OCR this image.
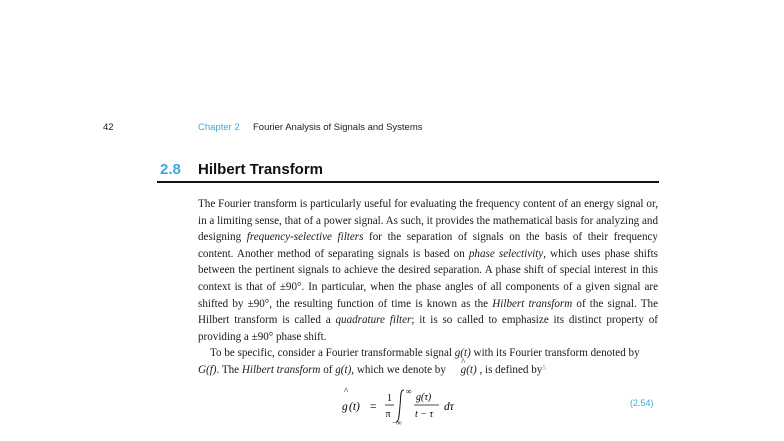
42	Chapter 2 Fourier Analysis of Signals and Systems
2.8 Hilbert Transform

The Fourier transform is particularly useful for evaluating the frequency content of an energy signal or, in a limiting sense, that of a power signal. As such, it provides the mathematical basis for analyzing and designing frequency-selective filters for the separation of signals on the basis of their frequency content. Another method of separating signals is based on phase selectivity, which uses phase shifts between the pertinent signals to achieve the desired separation. A phase shift of special interest in this context is that of ±90°. In particular, when the phase angles of all components of a given signal are shifted by ±90°, the resulting function of time is known as the Hilbert transform of the signal. The Hilbert transform is called a quadrature filter; it is so called to emphasize its distinct property of providing a ±90° phase shift.

To be specific, consider a Fourier transformable signal g(t) with its Fourier transform denoted by G(f). The Hilbert transform of g(t), which we denote by ^ g(t) , is defined by$^5$

^
g (t) =
1
π
∞
−∞
g(τ)
t − τ
dτ	(2.54)
